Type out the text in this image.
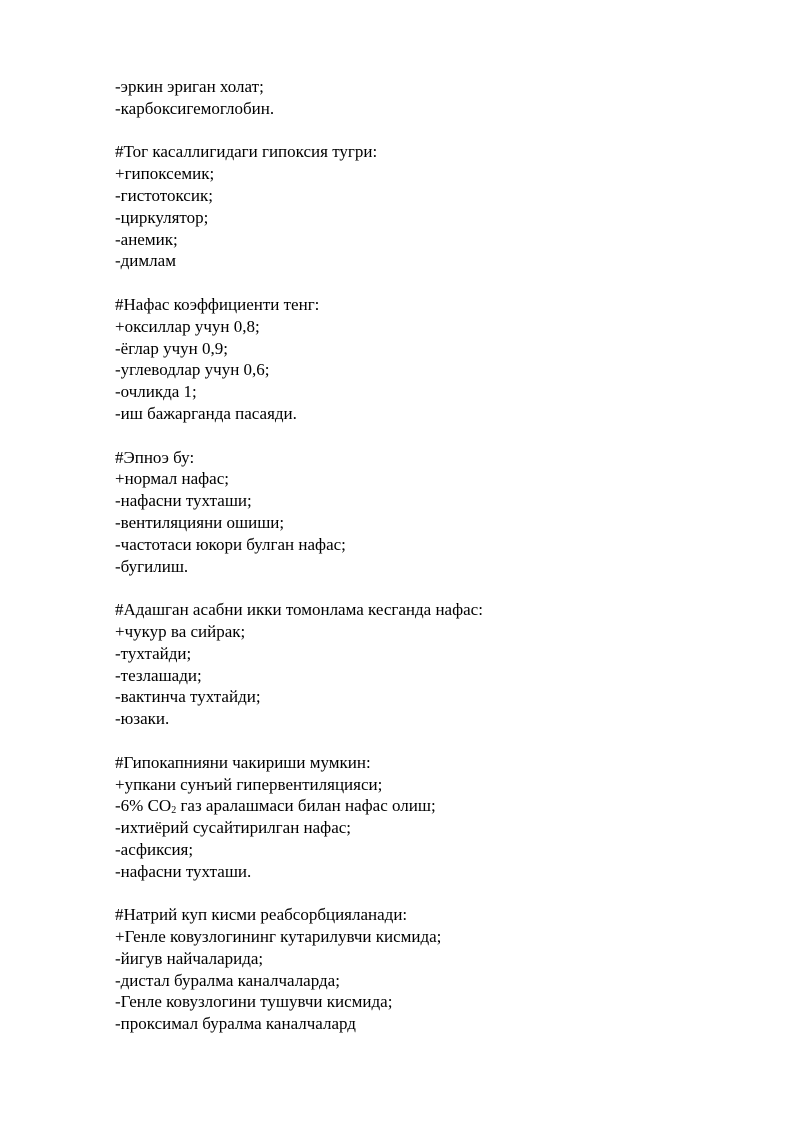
-эркин эриган холат;
-карбоксигемоглобин.
#Тог касаллигидаги гипоксия тугри:
+гипоксемик;
-гистотоксик;
-циркулятор;
-анемик;
-димлам
#Нафас коэффициенти тенг:
+оксиллар учун 0,8;
-ёглар учун 0,9;
-углеводлар учун 0,6;
-очликда 1;
-иш бажарганда пасаяди.
#Эпноэ бу:
+нормал нафас;
-нафасни тухташи;
-вентиляцияни ошиши;
-частотаси юкори булган нафас;
-бугилиш.
#Адашган асабни икки томонлама кесганда нафас:
+чукур ва сийрак;
-тухтайди;
-тезлашади;
-вактинча тухтайди;
-юзаки.
#Гипокапнияни чакириши мумкин:
+упкани сунъий гипервентиляцияси;
-6% $CO_2$ газ аралашмаси билан нафас олиш;
-ихтиёрий сусайтирилган нафас;
-асфиксия;
-нафасни тухташи.
#Натрий куп кисми реабсорбцияланади:
+Генле ковузлогининг кутарилувчи кисмида;
-йигув найчаларида;
-дистал буралма каналчаларда;
-Генле ковузлогини тушувчи кисмида;
-проксимал буралма каналчалард
